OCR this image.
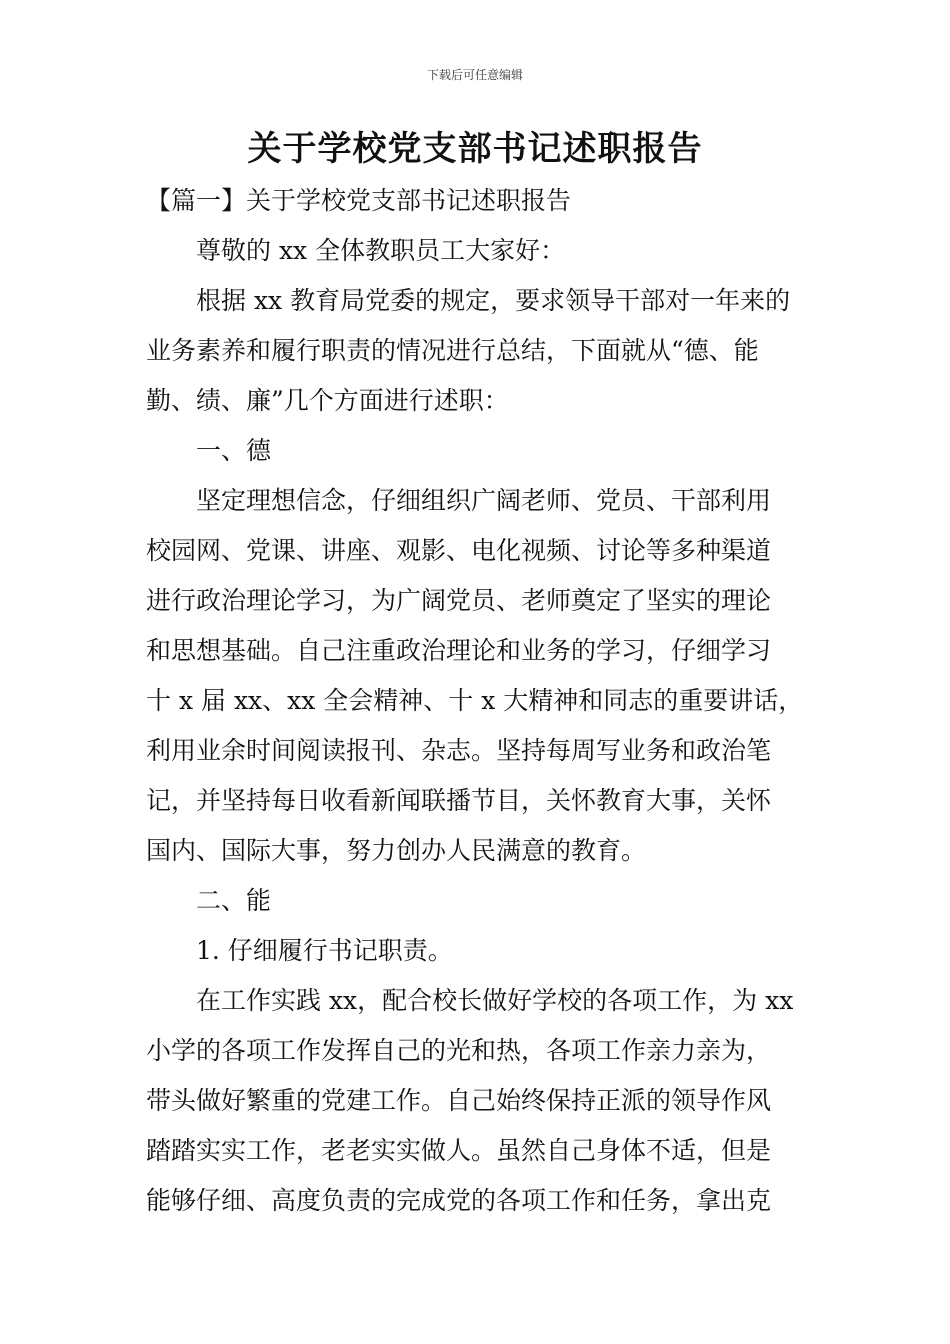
下载后可任意编辑
关于学校党支部书记述职报告

【篇一】关于学校党支部书记述职报告

尊敬的 xx 全体教职员工大家好：

根据 xx 教育局党委的规定，要求领导干部对一年来的

业务素养和履行职责的情况进行总结，下面就从“德、能

勤、绩、廉”几个方面进行述职：

一、德

坚定理想信念，仔细组织广阔老师、党员、干部利用

校园网、党课、讲座、观影、电化视频、讨论等多种渠道

进行政治理论学习，为广阔党员、老师奠定了坚实的理论

和思想基础。自己注重政治理论和业务的学习，仔细学习

十 x 届 xx、xx 全会精神、十 x 大精神和同志的重要讲话，

利用业余时间阅读报刊、杂志。坚持每周写业务和政治笔

记，并坚持每日收看新闻联播节目，关怀教育大事，关怀

国内、国际大事，努力创办人民满意的教育。

二、能

1. 仔细履行书记职责。

在工作实践 xx，配合校长做好学校的各项工作，为 xx

小学的各项工作发挥自己的光和热，各项工作亲力亲为，

带头做好繁重的党建工作。自己始终保持正派的领导作风

踏踏实实工作，老老实实做人。虽然自己身体不适，但是

能够仔细、高度负责的完成党的各项工作和任务，拿出克
